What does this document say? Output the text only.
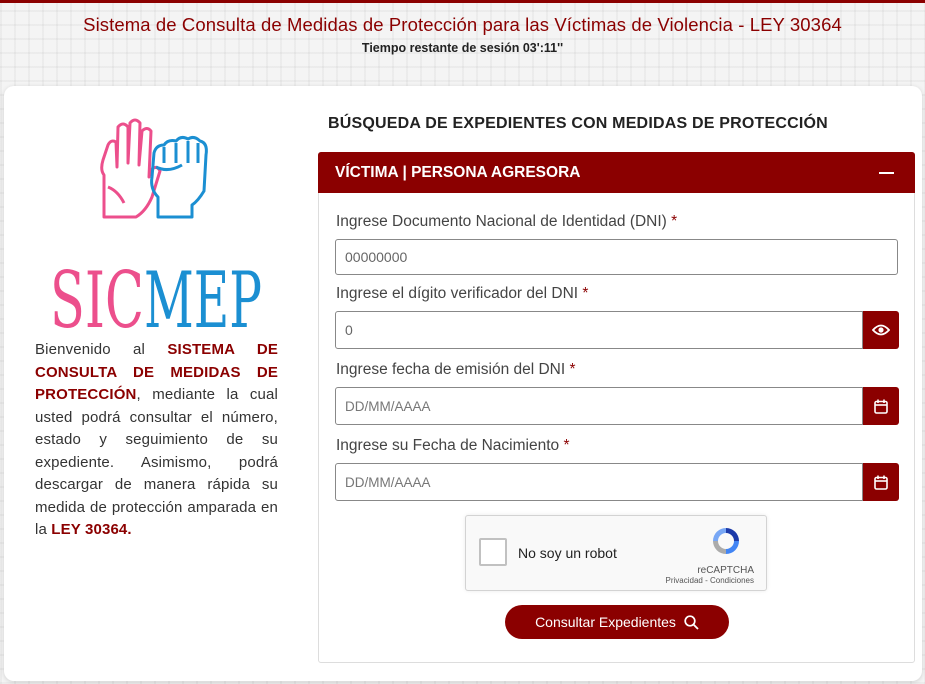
Sistema de Consulta de Medidas de Protección para las Víctimas de Violencia - LEY 30364
Tiempo restante de sesión 03':11''
SIC MEP
Bienvenido al SISTEMA DE CONSULTA DE MEDIDAS DE PROTECCIÓN, mediante la cual usted podrá consultar el número, estado y seguimiento de su expediente. Asimismo, podrá descargar de manera rápida su medida de protección amparada en la LEY 30364.
BÚSQUEDA DE EXPEDIENTES CON MEDIDAS DE PROTECCIÓN
VÍCTIMA | PERSONA AGRESORA
Ingrese Documento Nacional de Identidad (DNI) *
00000000
Ingrese el dígito verificador del DNI *
0
Ingrese fecha de emisión del DNI *
DD/MM/AAAA
Ingrese su Fecha de Nacimiento *
DD/MM/AAAA
No soy un robot
reCAPTCHA
Privacidad - Condiciones
Consultar Expedientes
